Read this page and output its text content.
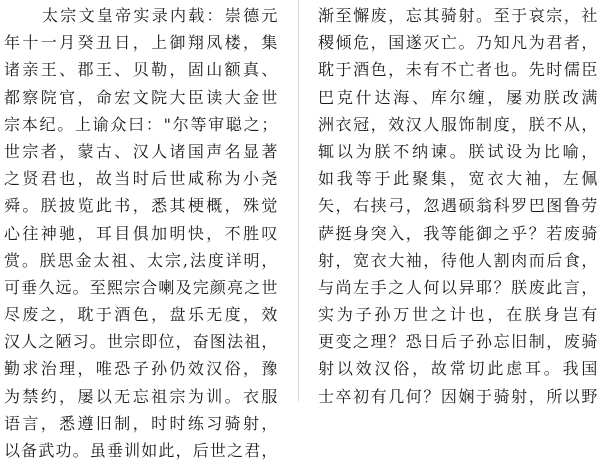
太宗文皇帝实录内载：崇德元
年十一月癸丑日，上御翔凤楼，集
诸亲王、郡王、贝勒，固山额真、
都察院官，命宏文院大臣读大金世
宗本纪。上谕众曰："尔等审聪之；
世宗者，蒙古、汉人诸国声名显著
之贤君也，故当时后世咸称为小尧
舜。朕披览此书，悉其梗概，殊觉
心往神驰，耳目俱加明快，不胜叹
赏。朕思金太祖、太宗,法度详明，
可垂久远。至熙宗合喇及完颜亮之世
尽废之，耽于酒色，盘乐无度，效
汉人之陋习。世宗即位，奋图法祖，
勤求治理，唯恐子孙仍效汉俗，豫
为禁约，屡以无忘祖宗为训。衣服
语言，悉遵旧制，时时练习骑射，
以备武功。虽垂训如此，后世之君，
渐至懈废，忘其骑射。至于哀宗，社
稷倾危，国遂灭亡。乃知凡为君者，
耽于酒色，未有不亡者也。先时儒臣
巴克什达海、库尔缠，屡劝朕改满
洲衣冠，效汉人服饰制度，朕不从，
辄以为朕不纳谏。朕试设为比喻，
如我等于此聚集，宽衣大袖，左佩
矢，右挟弓，忽遇硕翁科罗巴图鲁劳
萨挺身突入，我等能御之乎？若废骑
射，宽衣大袖，待他人割肉而后食，
与尚左手之人何以异耶？朕废此言，
实为子孙万世之计也，在朕身岂有
更变之理？恐日后子孙忘旧制，废骑
射以效汉俗，故常切此虑耳。我国
士卒初有几何？因娴于骑射，所以野
